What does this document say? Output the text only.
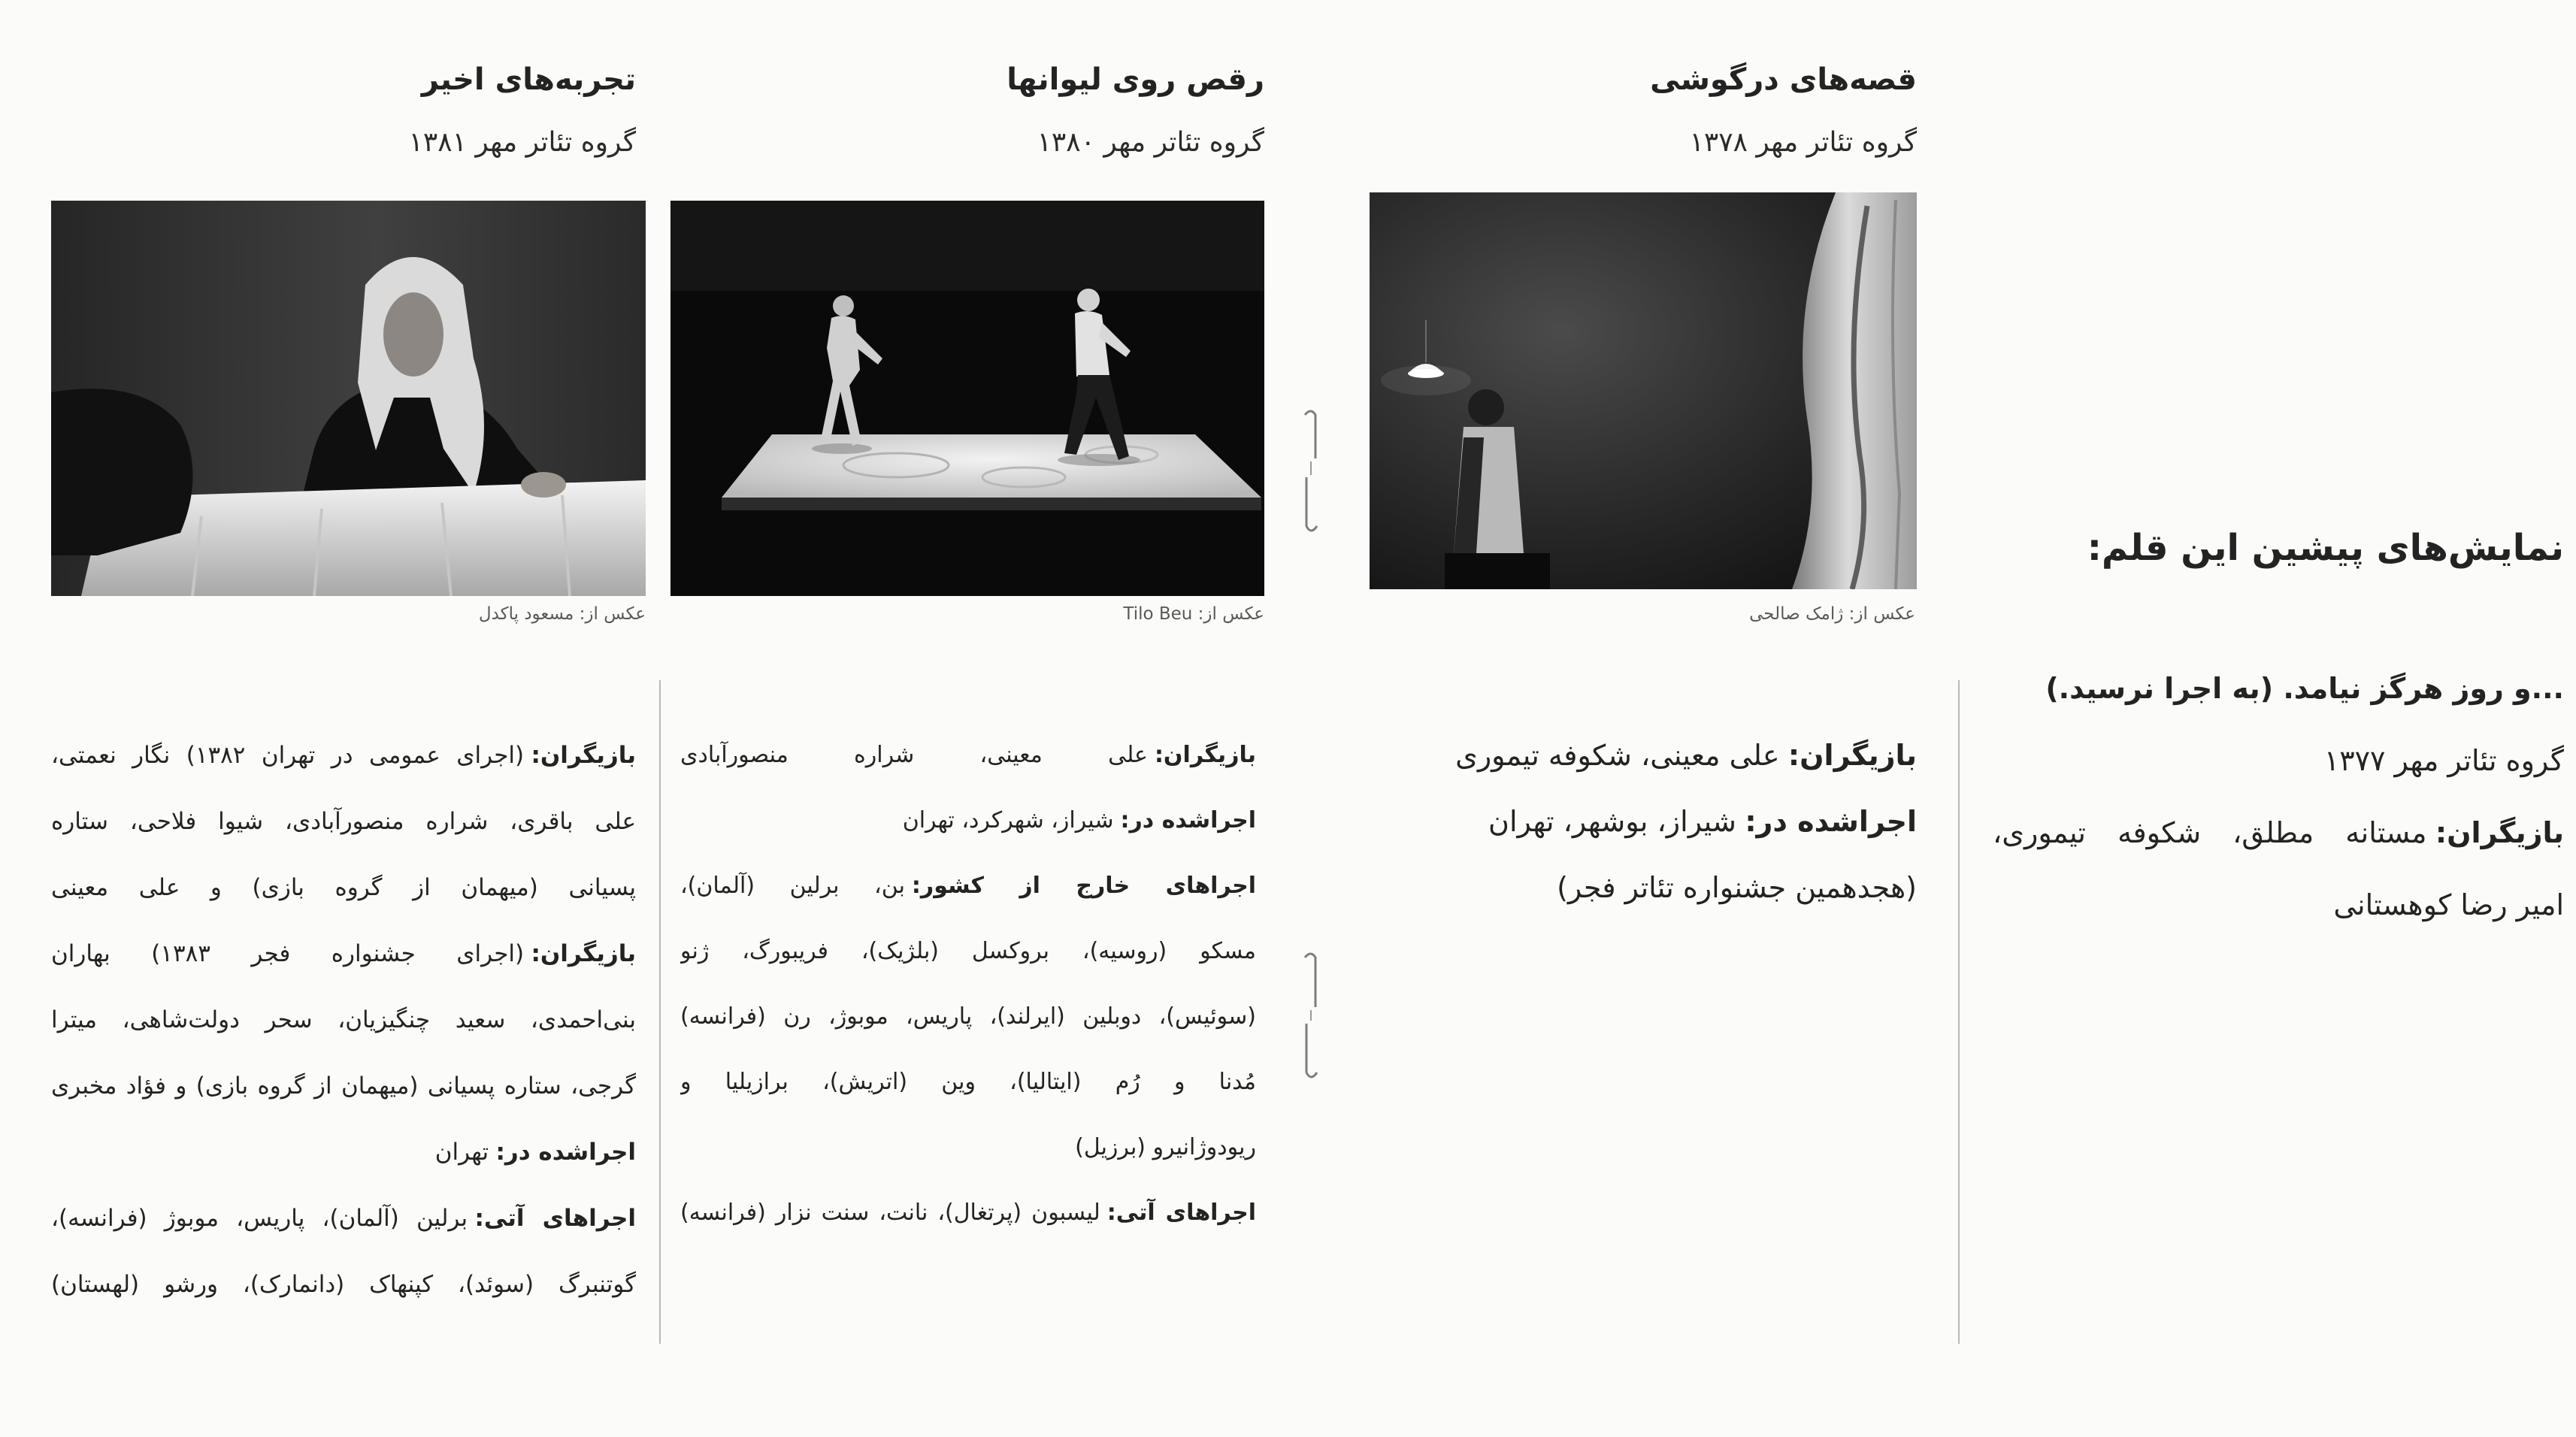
نمایش‌های پیشین این قلم:
...و روز هرگز نیامد. (به اجرا نرسید.)
گروه تئاتر مهر ۱۳۷۷
بازیگران:مستانه مطلق، شکوفه تیموری،
امیر رضا کوهستانی
قصه‌های درگوشی
گروه تئاتر مهر ۱۳۷۸
عکس از: ژامک صالحی
بازیگران:علی معینی، شکوفه تیموری
اجراشده در:شیراز، بوشهر، تهران
(هجدهمین جشنواره تئاتر فجر)
رقص روی لیوانها
گروه تئاتر مهر ۱۳۸۰
عکس از: Tilo Beu
بازیگران:علی معینی، شراره منصورآبادی
اجراشده در:شیراز، شهرکرد، تهران
اجراهای خارج از کشور:بن، برلین (آلمان)،
مسکو (روسیه)، بروکسل (بلژیک)، فریبورگ، ژنو
(سوئیس)، دوبلین (ایرلند)، پاریس، موبوژ، رن (فرانسه)
مُدنا و رُم (ایتالیا)، وین (اتریش)، برازیلیا و
ریودوژانیرو (برزیل)
اجراهای آتی:لیسبون (پرتغال)، نانت، سنت نزار (فرانسه)
تجربه‌های اخیر
گروه تئاتر مهر ۱۳۸۱
عکس از: مسعود پاکدل
بازیگران:(اجرای عمومی در تهران ۱۳۸۲) نگار نعمتی،
علی باقری، شراره منصورآبادی، شیوا فلاحی، ستاره
پسیانی (میهمان از گروه بازی) و علی معینی
بازیگران:(اجرای جشنواره فجر ۱۳۸۳) بهاران
بنی‌احمدی، سعید چنگیزیان، سحر دولت‌شاهی، میترا
گرجی، ستاره پسیانی (میهمان از گروه بازی) و فؤاد مخبری
اجراشده در:تهران
اجراهای آتی:برلین (آلمان)، پاریس، موبوژ (فرانسه)،
گوتنبرگ (سوئد)، کپنهاک (دانمارک)، ورشو (لهستان)
